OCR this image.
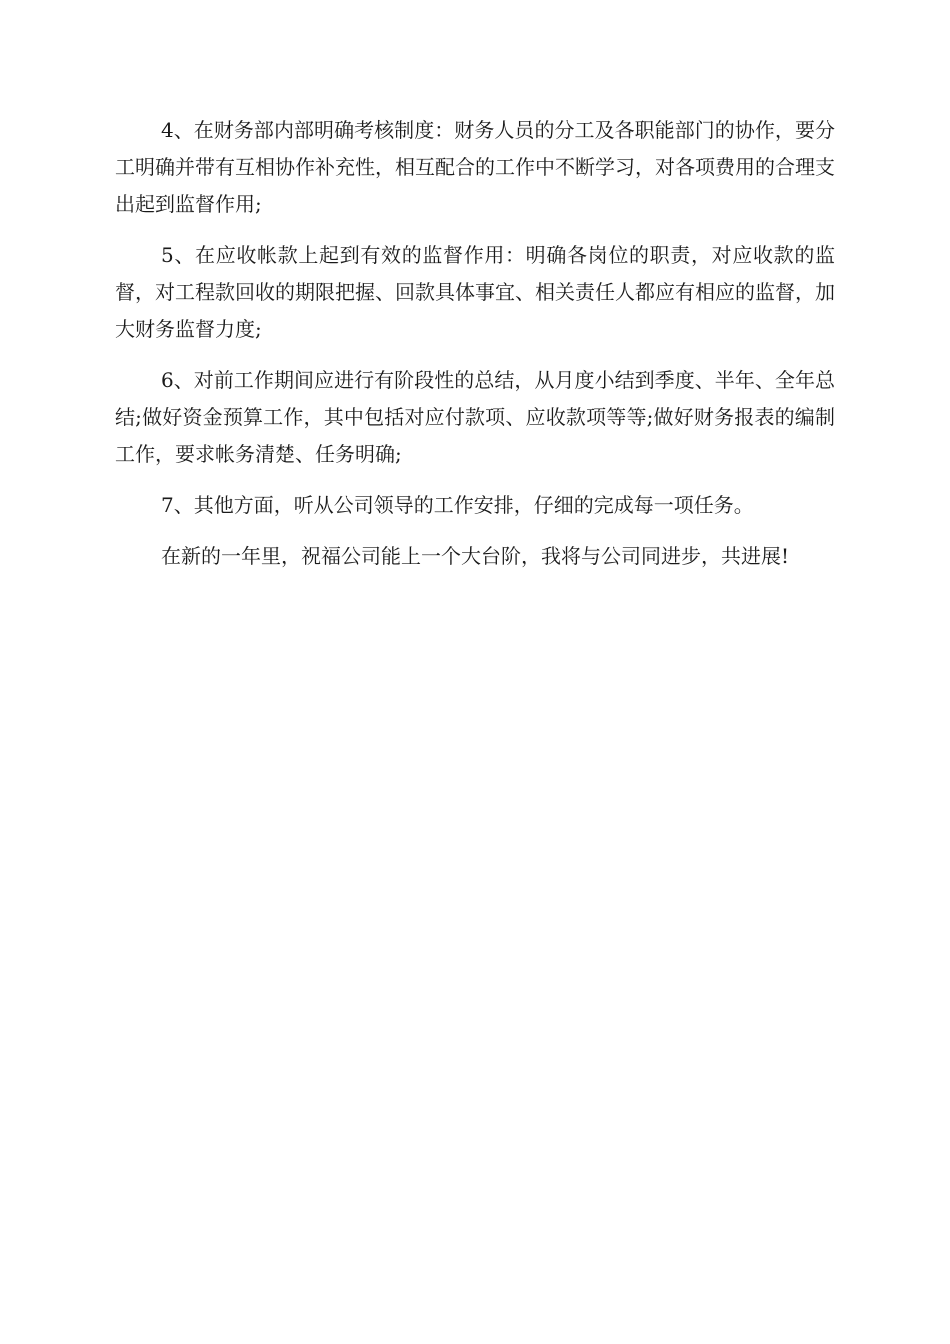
4、在财务部内部明确考核制度：财务人员的分工及各职能部门的协作，要分工明确并带有互相协作补充性，相互配合的工作中不断学习，对各项费用的合理支出起到监督作用;

5、在应收帐款上起到有效的监督作用：明确各岗位的职责，对应收款的监督，对工程款回收的期限把握、回款具体事宜、相关责任人都应有相应的监督，加大财务监督力度;

6、对前工作期间应进行有阶段性的总结，从月度小结到季度、半年、全年总结;做好资金预算工作，其中包括对应付款项、应收款项等等;做好财务报表的编制工作，要求帐务清楚、任务明确;

7、其他方面，听从公司领导的工作安排，仔细的完成每一项任务。

在新的一年里，祝福公司能上一个大台阶，我将与公司同进步，共进展!
